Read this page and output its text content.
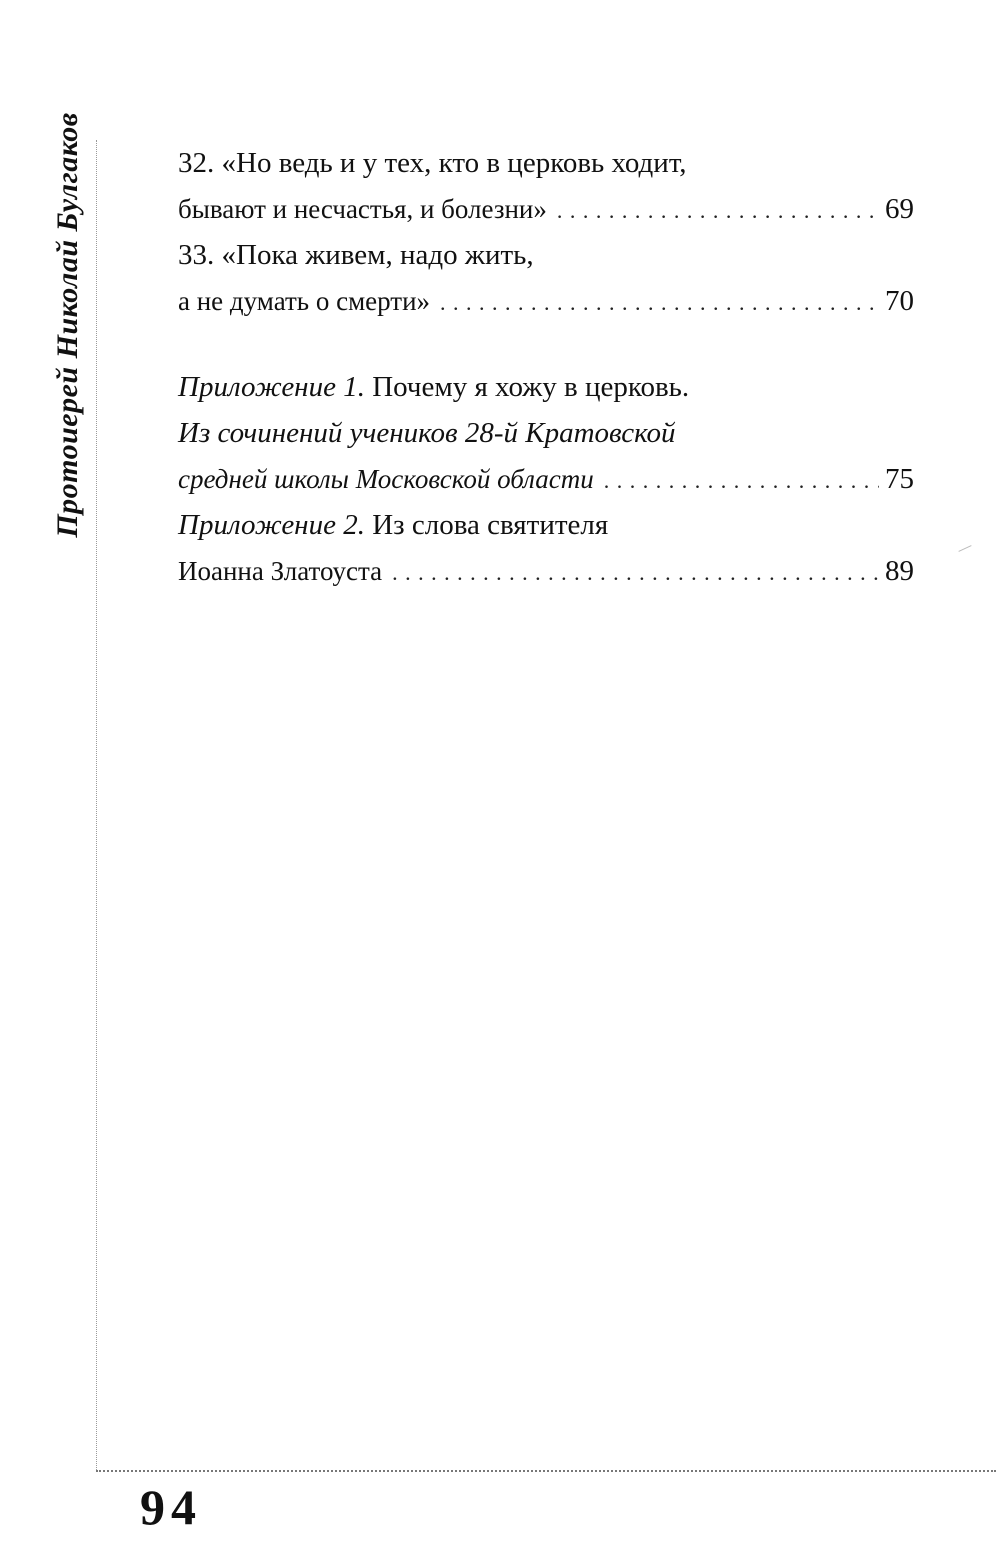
Протоиерей Николай Булгаков	32. «Но ведь и у тех, кто в церковь ходит,
бывают и несчастья, и болезни» . . .	69
33. «Пока живем, надо жить,
а не думать о смерти» . . .	70
Приложение 1. Почему я хожу в церковь.
Из сочинений учеников 28-й Кратовской
средней школы Московской области . . .	75
Приложение 2. Из слова святителя
Иоанна Златоуста . . .	89
94
